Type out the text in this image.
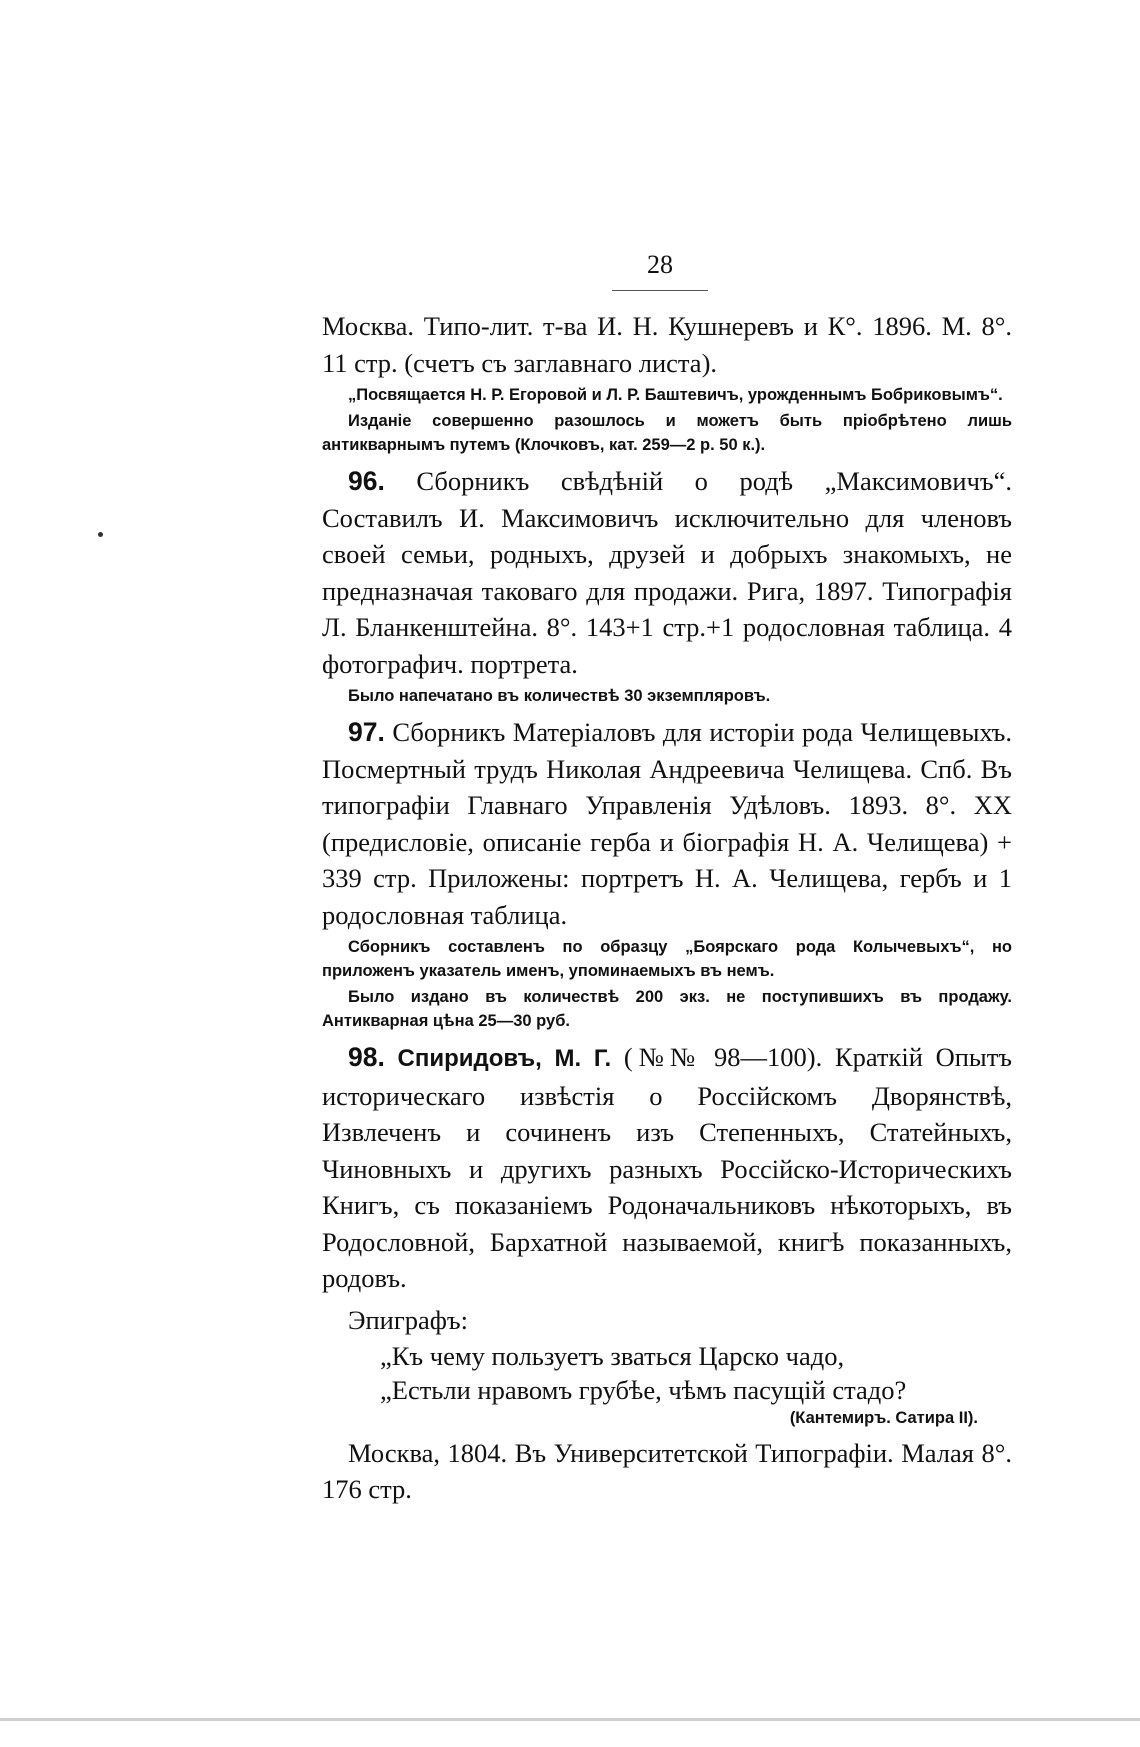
28

Москва. Типо-лит. т-ва И. Н. Кушнеревъ и К°. 1896. М. 8°. 11 стр. (счетъ съ заглавнаго листа).

„Посвящается Н. Р. Егоровой и Л. Р. Баштевичъ, урожденнымъ Бобриковымъ“.

Изданіе совершенно разошлось и можетъ быть пріобрѣтено лишь антикварнымъ путемъ (Клочковъ, кат. 259—2 р. 50 к.).

96. Сборникъ свѣдѣній о родѣ „Максимовичъ“. Составилъ И. Максимовичъ исключительно для членовъ своей семьи, родныхъ, друзей и добрыхъ знакомыхъ, не предназначая таковаго для продажи. Рига, 1897. Типографія Л. Бланкенштейна. 8°. 143+1 стр.+1 родословная таблица. 4 фотографич. портрета.

Было напечатано въ количествѣ 30 экземпляровъ.

97. Сборникъ Матеріаловъ для исторіи рода Челищевыхъ. Посмертный трудъ Николая Андреевича Челищева. Спб. Въ типографіи Главнаго Управленія Удѣловъ. 1893. 8°. XX (предисловіе, описаніе герба и біографія Н. А. Челищева) + 339 стр. Приложены: портретъ Н. А. Челищева, гербъ и 1 родословная таблица.

Сборникъ составленъ по образцу „Боярскаго рода Колычевыхъ“, но приложенъ указатель именъ, упоминаемыхъ въ немъ.

Было издано въ количествѣ 200 экз. не поступившихъ въ продажу. Антикварная цѣна 25—30 руб.

98. Спиридовъ, М. Г. (№№ 98—100). Краткій Опытъ историческаго извѣстія о Россійскомъ Дворянствѣ, Извлеченъ и сочиненъ изъ Степенныхъ, Статейныхъ, Чиновныхъ и другихъ разныхъ Россійско-Историческихъ Книгъ, съ показаніемъ Родоначальниковъ нѣкоторыхъ, въ Родословной, Бархатной называемой, книгѣ показанныхъ, родовъ.

Эпиграфъ:
„Къ чему пользуетъ зваться Царско чадо,
„Естьли нравомъ грубѣе, чѣмъ пасущій стадо?
(Кантемиръ. Сатира II).

Москва, 1804. Въ Университетской Типографіи. Малая 8°. 176 стр.
